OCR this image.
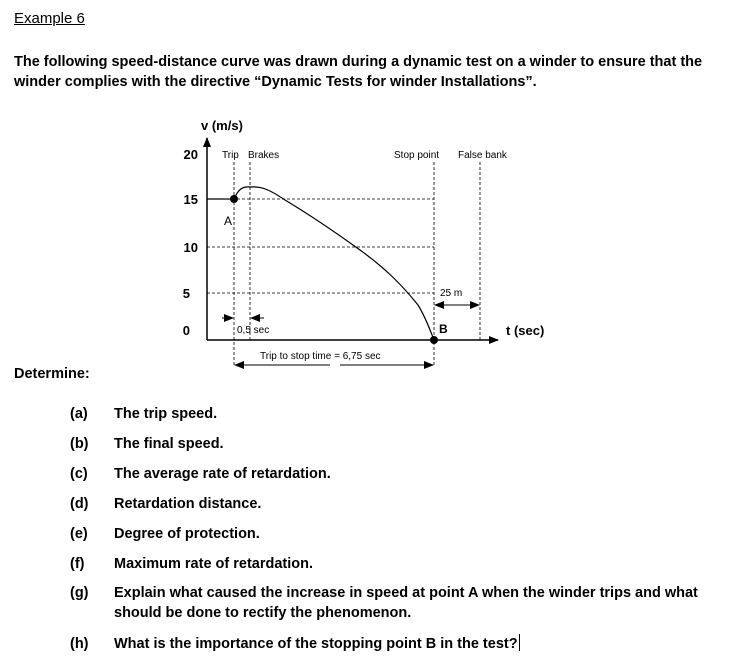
Example 6
The following speed-distance curve was drawn during a dynamic test on a winder to ensure that the winder complies with the directive “Dynamic Tests for winder Installations”.
v (m/s)
t (sec)
20
15
10
5
0
Trip Brakes	Stop point False bank
A
B
0,5 sec
Trip to stop time = 6,75 sec
25 m
Determine:
(a) The trip speed.
(b) The final speed.
(c) The average rate of retardation.
(d) Retardation distance.
(e) Degree of protection.
(f) Maximum rate of retardation.
(g) Explain what caused the increase in speed at point A when the winder trips and what should be done to rectify the phenomenon.
(h) What is the importance of the stopping point B in the test?
